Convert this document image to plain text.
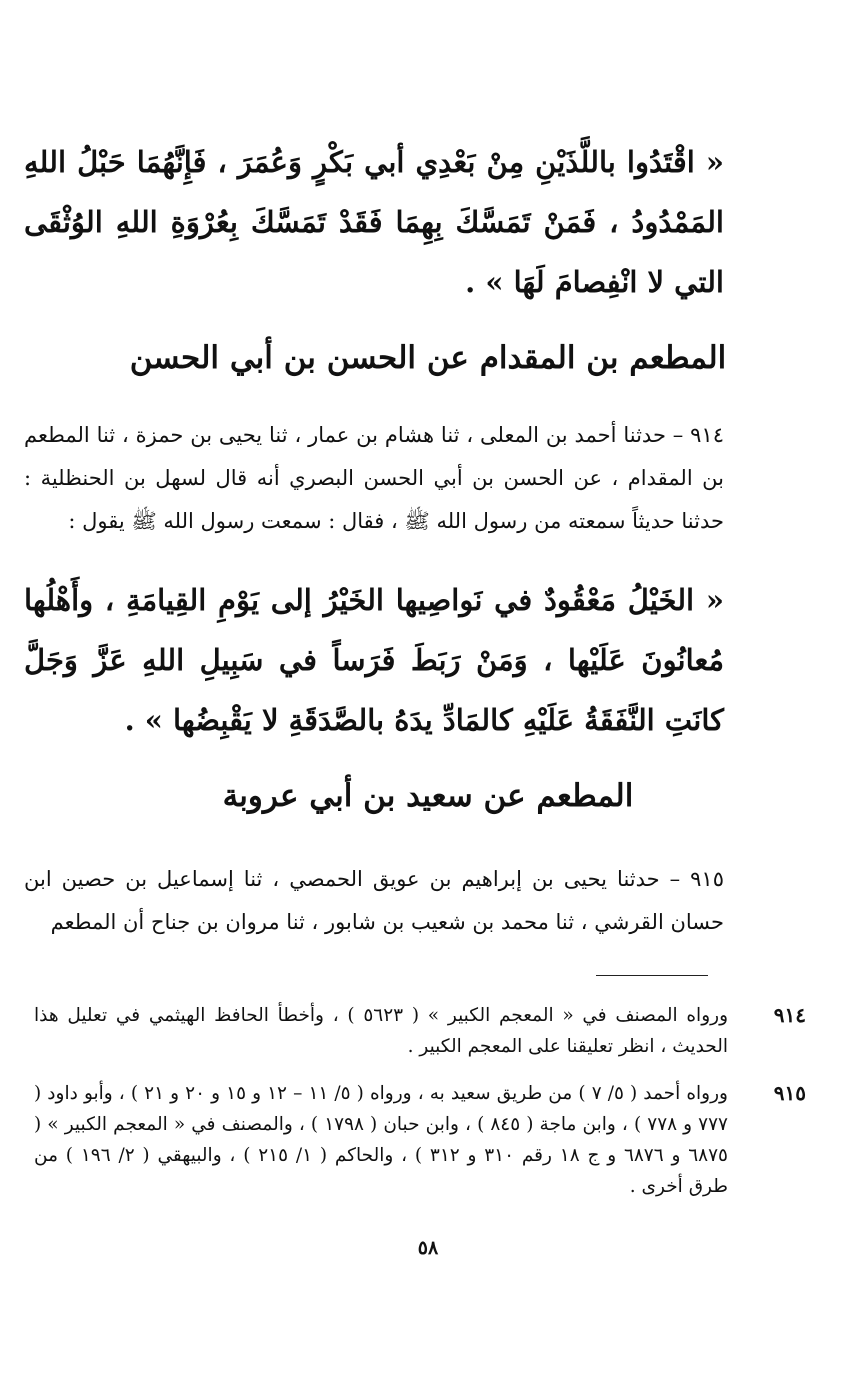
« اقْتَدُوا باللَّذَيْنِ مِنْ بَعْدِي أبي بَكْرٍ وَعُمَرَ ، فَإِنَّهُمَا حَبْلُ اللهِ المَمْدُودُ ، فَمَنْ تَمَسَّكَ بِهِمَا فَقَدْ تَمَسَّكَ بِعُرْوَةِ اللهِ الوُثْقَى التي لا انْفِصامَ لَهَا » .

المطعم بن المقدام عن الحسن بن أبي الحسن

٩١٤ – حدثنا أحمد بن المعلى ، ثنا هشام بن عمار ، ثنا يحيى بن حمزة ، ثنا المطعم بن المقدام ، عن الحسن بن أبي الحسن البصري أنه قال لسهل بن الحنظلية : حدثنا حديثاً سمعته من رسول الله ﷺ ، فقال : سمعت رسول الله ﷺ يقول :

« الخَيْلُ مَعْقُودٌ في نَواصِيها الخَيْرُ إلى يَوْمِ القِيامَةِ ، وأَهْلُها مُعانُونَ عَلَيْها ، وَمَنْ رَبَطَ فَرَساً في سَبِيلِ اللهِ عَزَّ وَجَلَّ كانَتِ النَّفَقَةُ عَلَيْهِ كالمَادِّ يدَهُ بالصَّدَقَةِ لا يَقْبِضُها » .

المطعم عن سعيد بن أبي عروبة

٩١٥ – حدثنا يحيى بن إبراهيم بن عويق الحمصي ، ثنا إسماعيل بن حصين ابن حسان القرشي ، ثنا محمد بن شعيب بن شابور ، ثنا مروان بن جناح أن المطعم

٩١٤

ورواه المصنف في « المعجم الكبير » ( ٥٦٢٣ ) ، وأخطأ الحافظ الهيثمي في تعليل هذا الحديث ، انظر تعليقنا على المعجم الكبير .

٩١٥

ورواه أحمد ( ٥/ ٧ ) من طريق سعيد به ، ورواه ( ٥/ ١١ – ١٢ و ١٥ و ٢٠ و ٢١ ) ، وأبو داود ( ٧٧٧ و ٧٧٨ ) ، وابن ماجة ( ٨٤٥ ) ، وابن حبان ( ١٧٩٨ ) ، والمصنف في « المعجم الكبير » ( ٦٨٧٥ و ٦٨٧٦ و ج ١٨ رقم ٣١٠ و ٣١٢ ) ، والحاكم ( ١/ ٢١٥ ) ، والبيهقي ( ٢/ ١٩٦ ) من طرق أخرى .

٥٨
